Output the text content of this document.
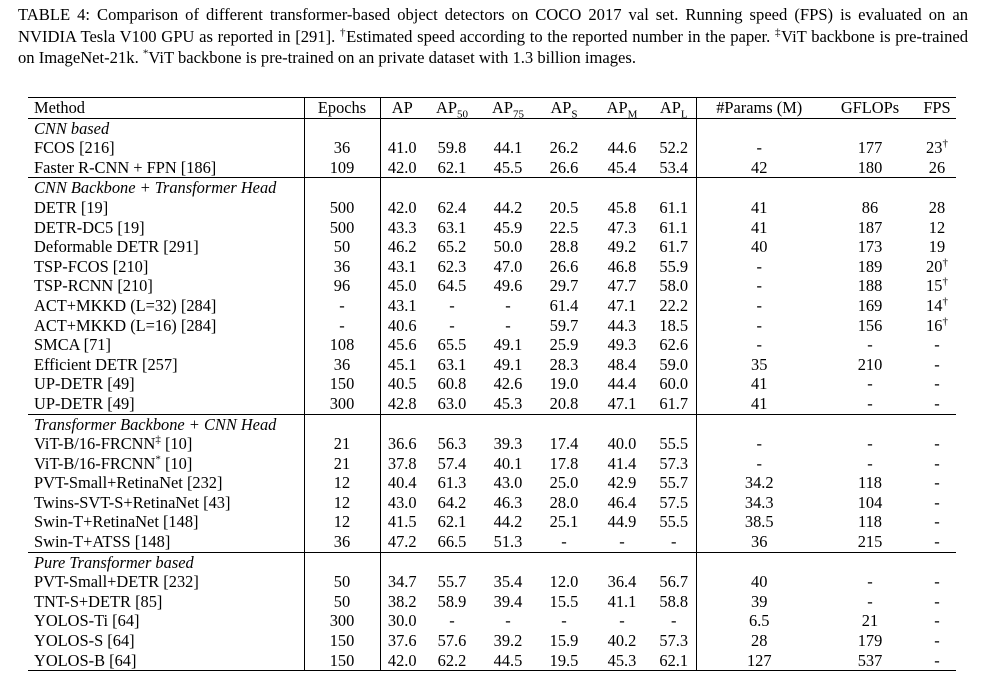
TABLE 4: Comparison of different transformer-based object detectors on COCO 2017 val set. Running speed (FPS) is evaluated on an NVIDIA Tesla V100 GPU as reported in [291]. †Estimated speed according to the reported number in the paper. ‡ViT backbone is pre-trained on ImageNet-21k. *ViT backbone is pre-trained on an private dataset with 1.3 billion images.
Method	Epochs	AP	$AP_{50}$	$AP_{75}$	$AP_S$	$AP_M$	$AP_L$	#Params (M)	GFLOPs	FPS
CNN based										
FCOS [216]	36	41.0	59.8	44.1	26.2	44.6	52.2	-	177	23†
Faster R-CNN + FPN [186]	109	42.0	62.1	45.5	26.6	45.4	53.4	42	180	26
CNN Backbone + Transformer Head										
DETR [19]	500	42.0	62.4	44.2	20.5	45.8	61.1	41	86	28
DETR-DC5 [19]	500	43.3	63.1	45.9	22.5	47.3	61.1	41	187	12
Deformable DETR [291]	50	46.2	65.2	50.0	28.8	49.2	61.7	40	173	19
TSP-FCOS [210]	36	43.1	62.3	47.0	26.6	46.8	55.9	-	189	20†
TSP-RCNN [210]	96	45.0	64.5	49.6	29.7	47.7	58.0	-	188	15†
ACT+MKKD (L=32) [284]	-	43.1	-	-	61.4	47.1	22.2	-	169	14†
ACT+MKKD (L=16) [284]	-	40.6	-	-	59.7	44.3	18.5	-	156	16†
SMCA [71]	108	45.6	65.5	49.1	25.9	49.3	62.6	-	-	-
Efficient DETR [257]	36	45.1	63.1	49.1	28.3	48.4	59.0	35	210	-
UP-DETR [49]	150	40.5	60.8	42.6	19.0	44.4	60.0	41	-	-
UP-DETR [49]	300	42.8	63.0	45.3	20.8	47.1	61.7	41	-	-
Transformer Backbone + CNN Head										
ViT-B/16-FRCNN‡ [10]	21	36.6	56.3	39.3	17.4	40.0	55.5	-	-	-
ViT-B/16-FRCNN* [10]	21	37.8	57.4	40.1	17.8	41.4	57.3	-	-	-
PVT-Small+RetinaNet [232]	12	40.4	61.3	43.0	25.0	42.9	55.7	34.2	118	-
Twins-SVT-S+RetinaNet [43]	12	43.0	64.2	46.3	28.0	46.4	57.5	34.3	104	-
Swin-T+RetinaNet [148]	12	41.5	62.1	44.2	25.1	44.9	55.5	38.5	118	-
Swin-T+ATSS [148]	36	47.2	66.5	51.3	-	-	-	36	215	-
Pure Transformer based										
PVT-Small+DETR [232]	50	34.7	55.7	35.4	12.0	36.4	56.7	40	-	-
TNT-S+DETR [85]	50	38.2	58.9	39.4	15.5	41.1	58.8	39	-	-
YOLOS-Ti [64]	300	30.0	-	-	-	-	-	6.5	21	-
YOLOS-S [64]	150	37.6	57.6	39.2	15.9	40.2	57.3	28	179	-
YOLOS-B [64]	150	42.0	62.2	44.5	19.5	45.3	62.1	127	537	-
